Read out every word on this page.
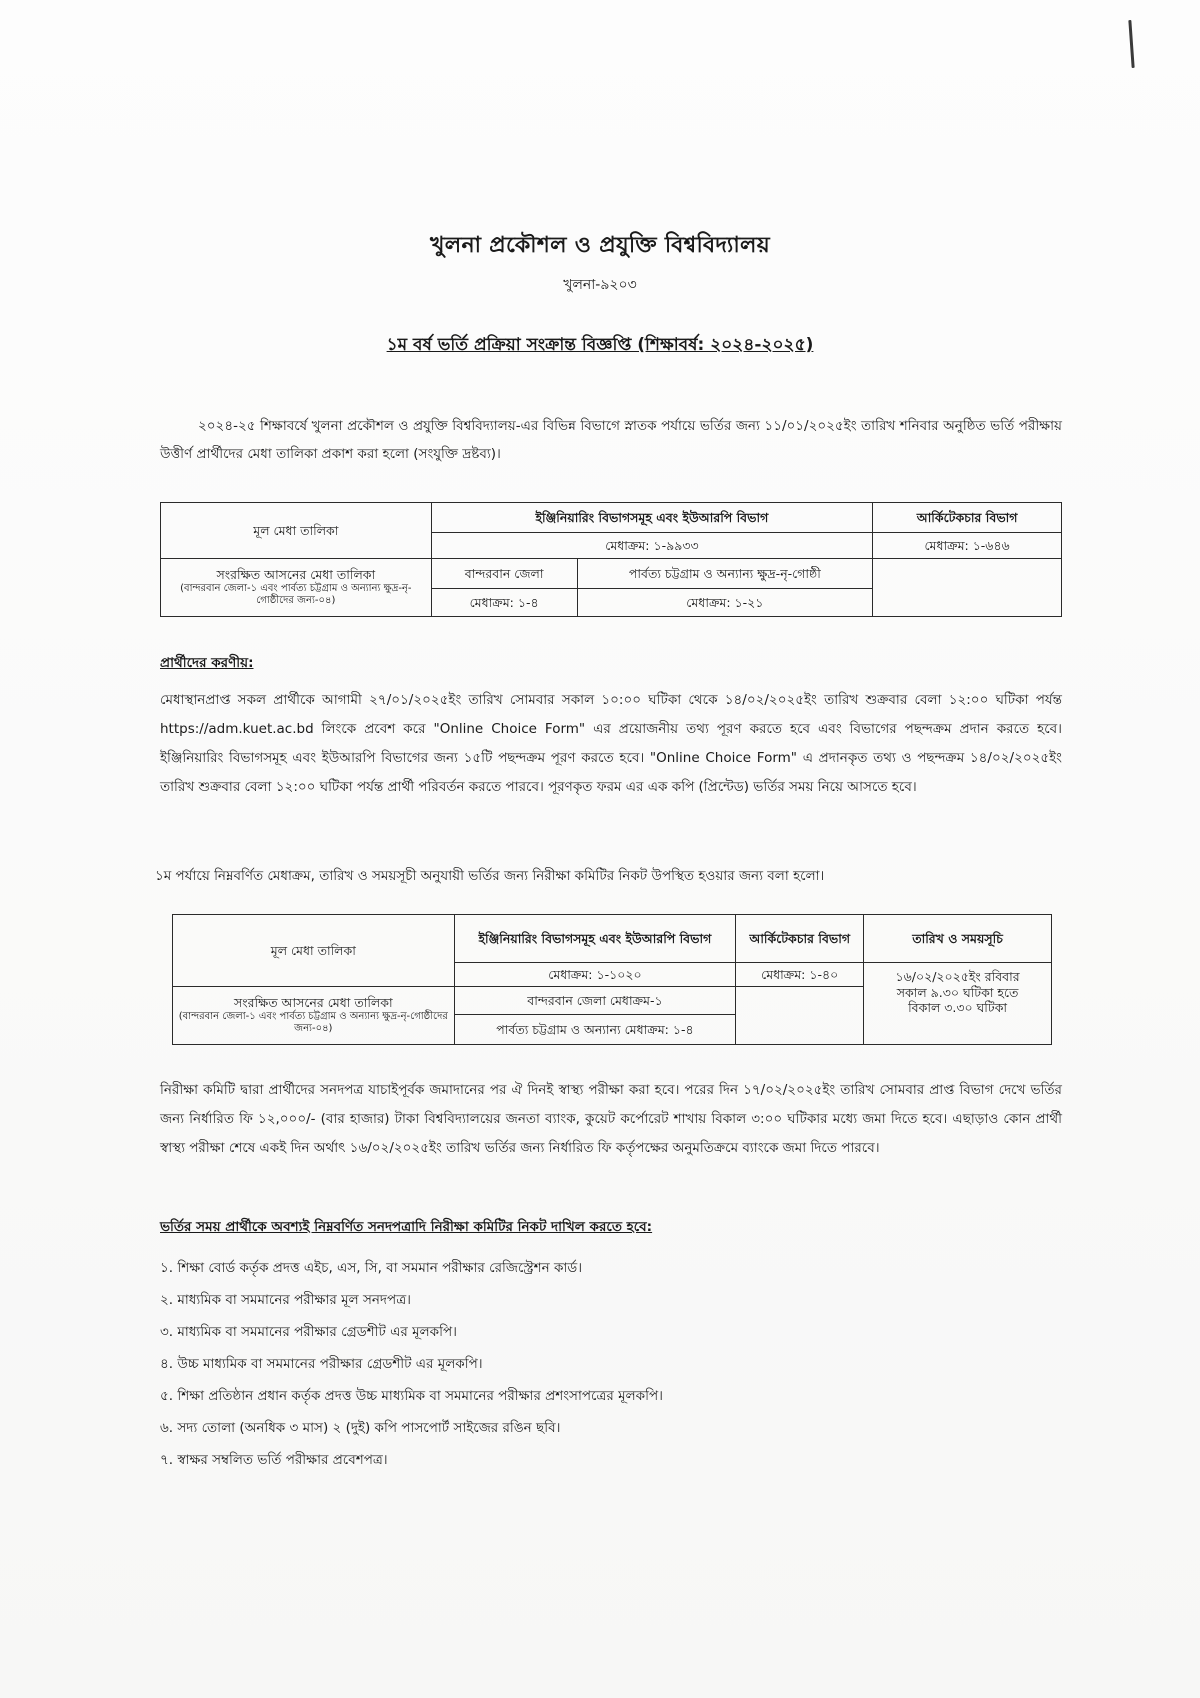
খুলনা প্রকৌশল ও প্রযুক্তি বিশ্ববিদ্যালয়

খুলনা-৯২০৩

১ম বর্ষ ভর্তি প্রক্রিয়া সংক্রান্ত বিজ্ঞপ্তি (শিক্ষাবর্ষ: ২০২৪-২০২৫)

২০২৪-২৫ শিক্ষাবর্ষে খুলনা প্রকৌশল ও প্রযুক্তি বিশ্ববিদ্যালয়-এর বিভিন্ন বিভাগে স্নাতক পর্যায়ে ভর্তির জন্য ১১/০১/২০২৫ইং তারিখ শনিবার অনুষ্ঠিত ভর্তি পরীক্ষায় উত্তীর্ণ প্রার্থীদের মেধা তালিকা প্রকাশ করা হলো (সংযুক্তি দ্রষ্টব্য)।

মূল মেধা তালিকা	ইঞ্জিনিয়ারিং বিভাগসমূহ এবং ইউআরপি বিভাগ		আর্কিটেকচার বিভাগ
	মেধাক্রম: ১-৯৯৩৩		মেধাক্রম: ১-৬৪৬

সংরক্ষিত আসনের মেধা তালিকা
(বান্দরবান জেলা-১ এবং পার্বত্য চট্টগ্রাম ও অন্যান্য ক্ষুদ্র-নৃ-গোষ্ঠীদের জন্য-০৪)	বান্দরবান জেলা	পার্বত্য চট্টগ্রাম ও অন্যান্য ক্ষুদ্র-নৃ-গোষ্ঠী	
	মেধাক্রম: ১-৪	মেধাক্রম: ১-২১	

প্রার্থীদের করণীয়:

মেধাস্থানপ্রাপ্ত সকল প্রার্থীকে আগামী ২৭/০১/২০২৫ইং তারিখ সোমবার সকাল ১০:০০ ঘটিকা থেকে ১৪/০২/২০২৫ইং তারিখ শুক্রবার বেলা ১২:০০ ঘটিকা পর্যন্ত https://adm.kuet.ac.bd লিংকে প্রবেশ করে "Online Choice Form" এর প্রয়োজনীয় তথ্য পূরণ করতে হবে এবং বিভাগের পছন্দক্রম প্রদান করতে হবে। ইঞ্জিনিয়ারিং বিভাগসমূহ এবং ইউআরপি বিভাগের জন্য ১৫টি পছন্দক্রম পূরণ করতে হবে। "Online Choice Form" এ প্রদানকৃত তথ্য ও পছন্দক্রম ১৪/০২/২০২৫ইং তারিখ শুক্রবার বেলা ১২:০০ ঘটিকা পর্যন্ত প্রার্থী পরিবর্তন করতে পারবে। পূরণকৃত ফরম এর এক কপি (প্রিন্টেড) ভর্তির সময় নিয়ে আসতে হবে।

১ম পর্যায়ে নিম্নবর্ণিত মেধাক্রম, তারিখ ও সময়সূচী অনুযায়ী ভর্তির জন্য নিরীক্ষা কমিটির নিকট উপস্থিত হওয়ার জন্য বলা হলো।

মূল মেধা তালিকা	ইঞ্জিনিয়ারিং বিভাগসমূহ এবং ইউআরপি বিভাগ	আর্কিটেকচার বিভাগ	তারিখ ও সময়সূচি
	মেধাক্রম: ১-১০২০	মেধাক্রম: ১-৪০	১৬/০২/২০২৫ইং রবিবার
সকাল ৯.৩০ ঘটিকা হতে
বিকাল ৩.৩০ ঘটিকা

সংরক্ষিত আসনের মেধা তালিকা
(বান্দরবান জেলা-১ এবং পার্বত্য চট্টগ্রাম ও অন্যান্য ক্ষুদ্র-নৃ-গোষ্ঠীদের জন্য-০৪)	বান্দরবান জেলা মেধাক্রম-১		
	পার্বত্য চট্টগ্রাম ও অন্যান্য মেধাক্রম: ১-৪		

নিরীক্ষা কমিটি দ্বারা প্রার্থীদের সনদপত্র যাচাইপূর্বক জমাদানের পর ঐ দিনই স্বাস্থ্য পরীক্ষা করা হবে। পরের দিন ১৭/০২/২০২৫ইং তারিখ সোমবার প্রাপ্ত বিভাগ দেখে ভর্তির জন্য নির্ধারিত ফি ১২,০০০/- (বার হাজার) টাকা বিশ্ববিদ্যালয়ের জনতা ব্যাংক, কুয়েট কর্পোরেট শাখায় বিকাল ৩:০০ ঘটিকার মধ্যে জমা দিতে হবে। এছাড়াও কোন প্রার্থী স্বাস্থ্য পরীক্ষা শেষে একই দিন অর্থাৎ ১৬/০২/২০২৫ইং তারিখ ভর্তির জন্য নির্ধারিত ফি কর্তৃপক্ষের অনুমতিক্রমে ব্যাংকে জমা দিতে পারবে।

ভর্তির সময় প্রার্থীকে অবশ্যই নিম্নবর্ণিত সনদপত্রাদি নিরীক্ষা কমিটির নিকট দাখিল করতে হবে:

১. শিক্ষা বোর্ড কর্তৃক প্রদত্ত এইচ, এস, সি, বা সমমান পরীক্ষার রেজিস্ট্রেশন কার্ড।
২. মাধ্যমিক বা সমমানের পরীক্ষার মূল সনদপত্র।
৩. মাধ্যমিক বা সমমানের পরীক্ষার গ্রেডশীট এর মূলকপি।
৪. উচ্চ মাধ্যমিক বা সমমানের পরীক্ষার গ্রেডশীট এর মূলকপি।
৫. শিক্ষা প্রতিষ্ঠান প্রধান কর্তৃক প্রদত্ত উচ্চ মাধ্যমিক বা সমমানের পরীক্ষার প্রশংসাপত্রের মূলকপি।
৬. সদ্য তোলা (অনধিক ৩ মাস) ২ (দুই) কপি পাসপোর্ট সাইজের রঙিন ছবি।
৭. স্বাক্ষর সম্বলিত ভর্তি পরীক্ষার প্রবেশপত্র।
